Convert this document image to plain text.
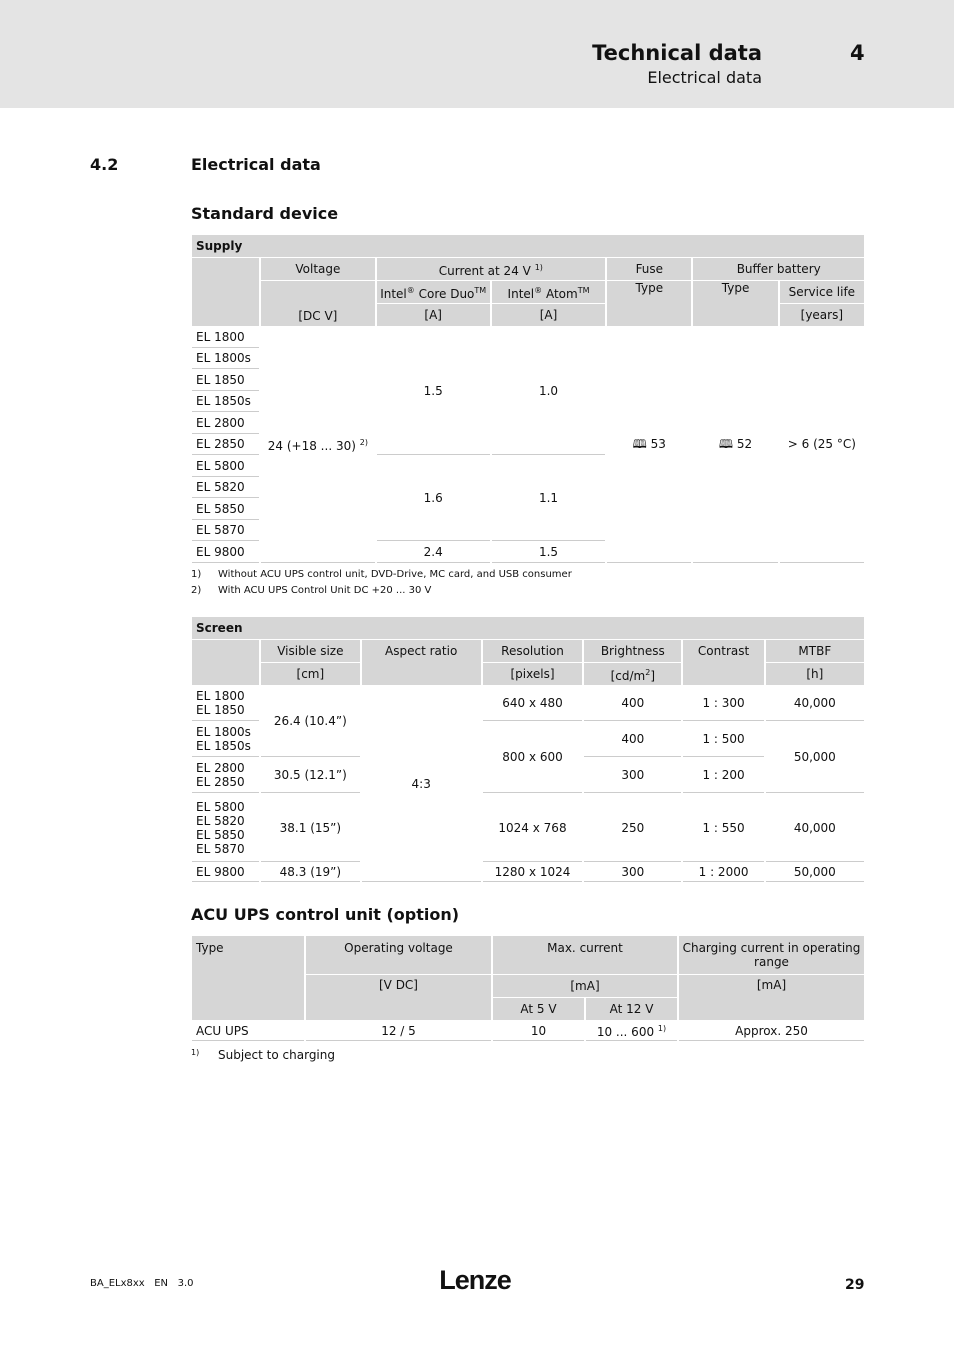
Technical data	4
Electrical data
4.2	Electrical data
Standard device
Supply						
	Voltage	Current at 24 V $^{1)}$		Fuse	Buffer battery	
	[DC V]	Intel® Core Duo™	Intel® Atom™	Type	Type	Service life
		[A]	[A]			[years]
EL 1800	24 (+18 ... 30) $^{2)}$	1.5	1.0	🕮 53	🕮 52	> 6 (25 °C)
EL 1800s						
EL 1850						
EL 1850s						
EL 2800						
EL 2850						
EL 5800		1.6	1.1			
EL 5820						
EL 5850						
EL 5870						
EL 9800		2.4	1.5			
1) Without ACU UPS control unit, DVD-Drive, MC card, and USB consumer
2) With ACU UPS Control Unit DC +20 ... 30 V
Screen						
	Visible size	Aspect ratio	Resolution	Brightness	Contrast	MTBF
	[cm]		[pixels]	$[cd/m^2]$		[h]

EL 1800
EL 1850	26.4 (10.4”)	4:3	640 x 480	400	1 : 300	40,000

EL 1800s
EL 1850s			800 x 600	400	1 : 500	50,000

EL 2800
EL 2850	30.5 (12.1”)			300	1 : 200	

EL 5800
EL 5820
EL 5850
EL 5870	38.1 (15”)		1024 x 768	250	1 : 550	40,000
EL 9800	48.3 (19”)		1280 x 1024	300	1 : 2000	50,000
ACU UPS control unit (option)
Type	Operating voltage	Max. current		Charging current in operating range
	[V DC]	[mA]		[mA]
		At 5 V	At 12 V	
ACU UPS	12 / 5	10	10 ... 600 $^{1)}$	Approx. 250
1) Subject to charging
BA_ELx8xx   EN   3.0	Lenze	29
